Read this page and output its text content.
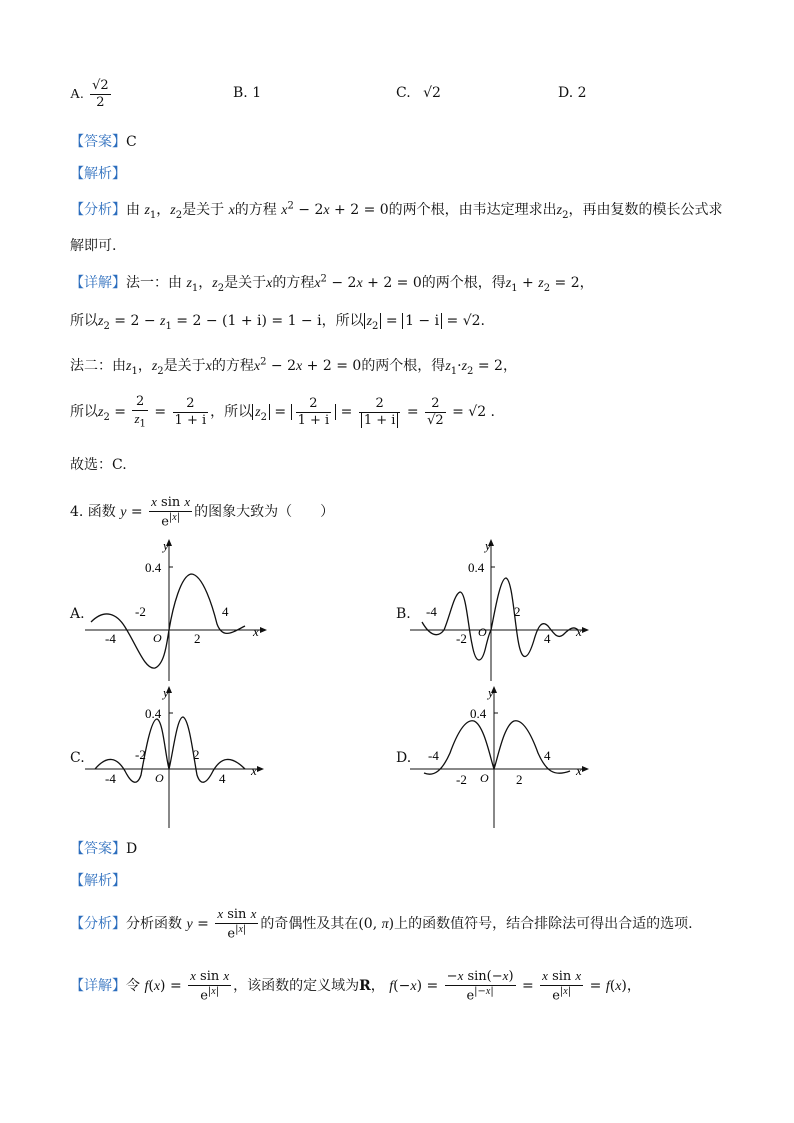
A. $\frac{√2}{2}$	B. 1	C. √2	D. 2
【答案】C
【解析】
【分析】由 $z_1$，$z_2$是关于 x的方程 $x^2 - 2x + 2 = 0$的两个根，由韦达定理求出$z_2$，再由复数的模长公式求
解即可.
【详解】法一：由 $z_1$，$z_2$是关于x的方程$x^2 - 2x + 2 = 0$的两个根，得$z_1 + z_2 = 2$，
所以$z_2 = 2 - z_1 = 2 - (1 + i) = 1 - i$，所以 $z_2 = 1 - i = √2$.
法二：由$z_1$，$z_2$是关于x的方程$x^2 - 2x + 2 = 0$的两个根，得$z_1\cdot z_2 = 2$，
所以$z_2 = \frac{2}{z_1} = \frac{2}{1 + i}$ ，所以 $z_2 = \frac{2}{1 + i} = \frac{2}{1 + i} = \frac{2}{√2} = √2$ .
故选：C.
4. 函数 $y = \frac{\text{x sin x}}{e^{|x|}}$ 的图象大致为（　　）
A.	B.
C.	D.
y
x
O
0.4
-4
-2
2
4
y
x
O
0.4
-4
-2
2
4
y
x
O
0.4
-4
-2	2
4
y
x
O
0.4
-4
-2	2
4
【答案】D
【解析】
【分析】分析函数 $y = \frac{\text{x sin x}}{e^{|x|}}$ 的奇偶性及其在(0, π)上的函数值符号，结合排除法可得出合适的选项.
【详解】令 $f(x) = \frac{\text{x sin x}}{e^{|x|}}$ ，该函数的定义域为R， $f(-x) = \frac{\text{−x sin(−x)}}{e^{|-x|}} = \frac{\text{x sin x}}{e^{|x|}} = f(x)$，
